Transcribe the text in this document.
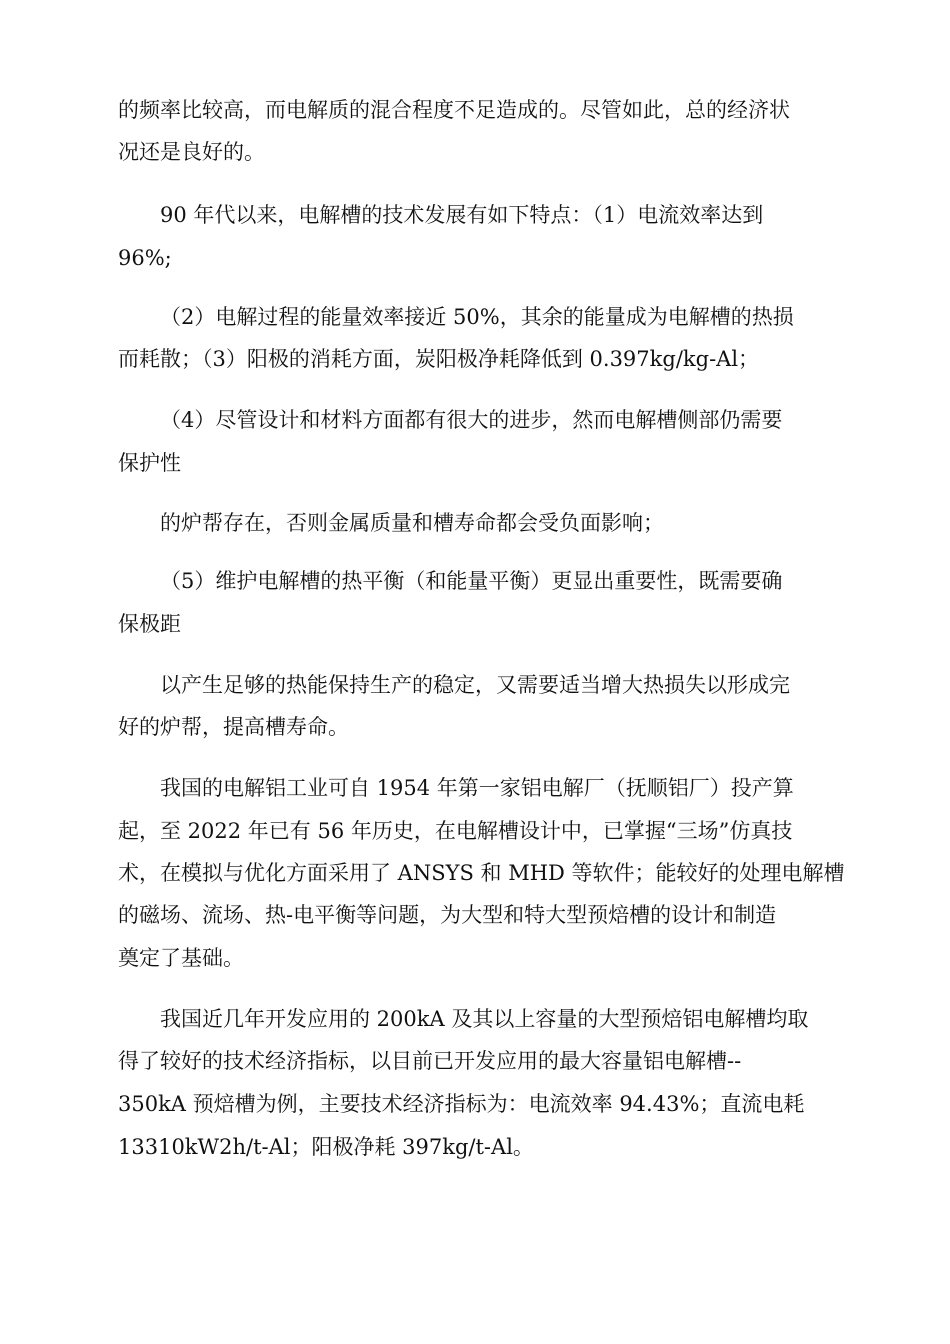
的频率比较高，而电解质的混合程度不足造成的。尽管如此，总的经济状
况还是良好的。
90 年代以来，电解槽的技术发展有如下特点：（1）电流效率达到
96%;
（2）电解过程的能量效率接近 50%，其余的能量成为电解槽的热损
而耗散；（3）阳极的消耗方面，炭阳极净耗降低到 0.397kg/kg-Al；
（4）尽管设计和材料方面都有很大的进步，然而电解槽侧部仍需要
保护性
的炉帮存在，否则金属质量和槽寿命都会受负面影响；
（5）维护电解槽的热平衡（和能量平衡）更显出重要性，既需要确
保极距
以产生足够的热能保持生产的稳定，又需要适当增大热损失以形成完
好的炉帮，提高槽寿命。
我国的电解铝工业可自 1954 年第一家铝电解厂（抚顺铝厂）投产算
起，至 2022 年已有 56 年历史，在电解槽设计中，已掌握“三场”仿真技
术，在模拟与优化方面采用了 ANSYS 和 MHD 等软件；能较好的处理电解槽
的磁场、流场、热-电平衡等问题，为大型和特大型预焙槽的设计和制造
奠定了基础。
我国近几年开发应用的 200kA 及其以上容量的大型预焙铝电解槽均取
得了较好的技术经济指标，以目前已开发应用的最大容量铝电解槽--
350kA 预焙槽为例，主要技术经济指标为：电流效率 94.43%；直流电耗
13310kW2h/t-Al；阳极净耗 397kg/t-Al。
